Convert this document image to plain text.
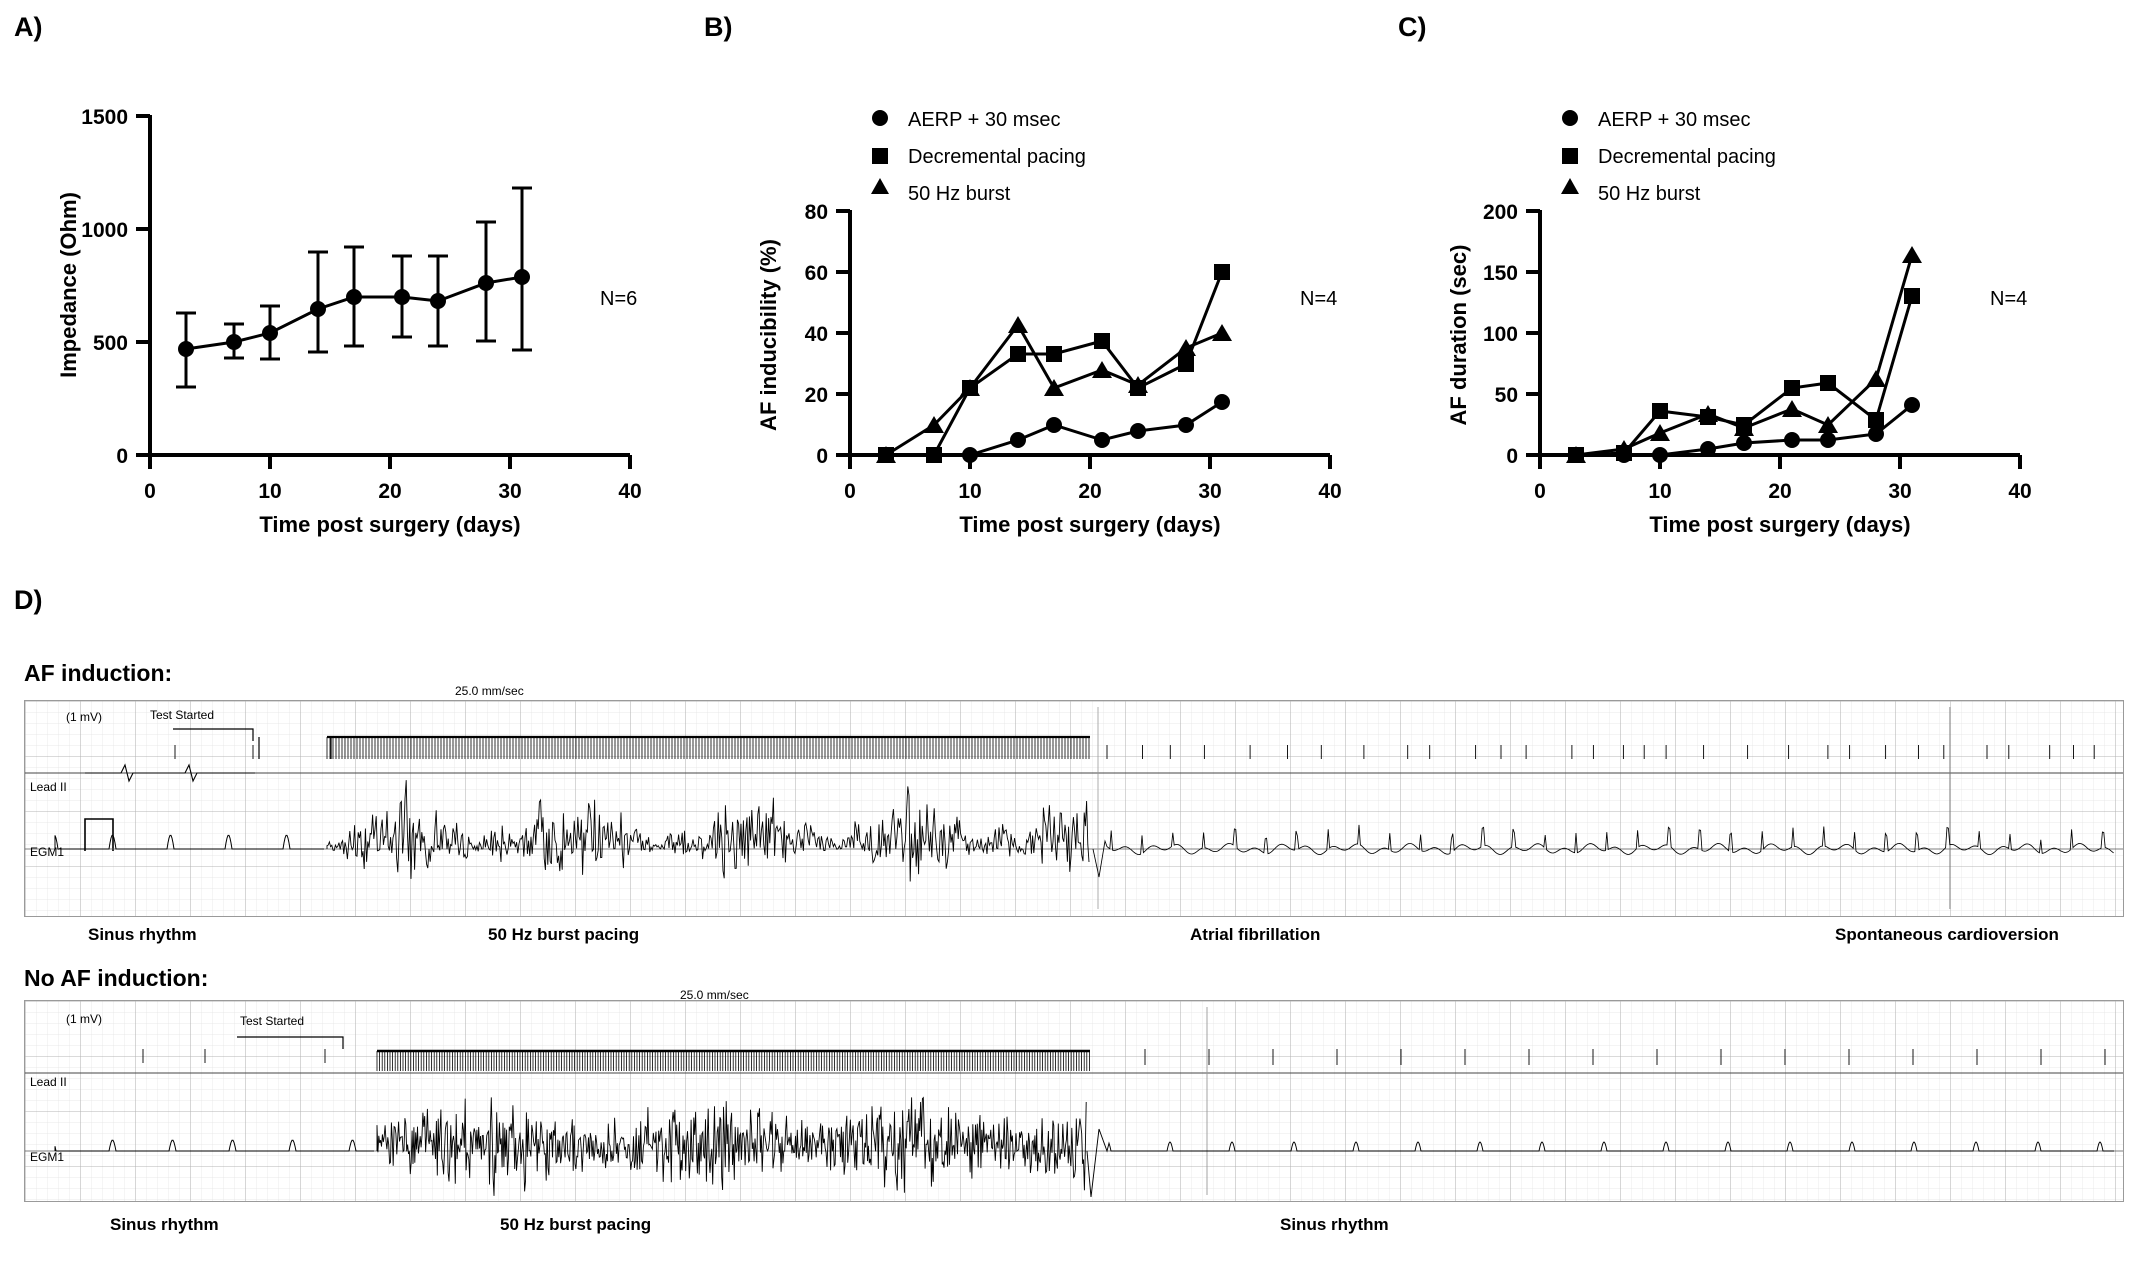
A)	B)	C)
D)
0
500
1000
1500
0	10	20	30	40
Time post surgery (days)
Impedance (Ohm)	N=6
AERP + 30 msec
Decremental pacing
50 Hz burst
0
20
40
60
80
0	10	20	30	40
Time post surgery (days)
AF inducibility (%)	N=4
AERP + 30 msec
Decremental pacing
50 Hz burst
0
50
100
150
200
0	10	20	30	40
Time post surgery (days)
AF duration (sec)	N=4
AF induction:
Lead II
EGM1
(1 mV)	Test Started
25.0 mm/sec
Sinus rhythm	50 Hz burst pacing	Atrial fibrillation	Spontaneous cardioversion
No AF induction:
Lead II
EGM1
(1 mV)	Test Started
25.0 mm/sec
Sinus rhythm	50 Hz burst pacing	Sinus rhythm
